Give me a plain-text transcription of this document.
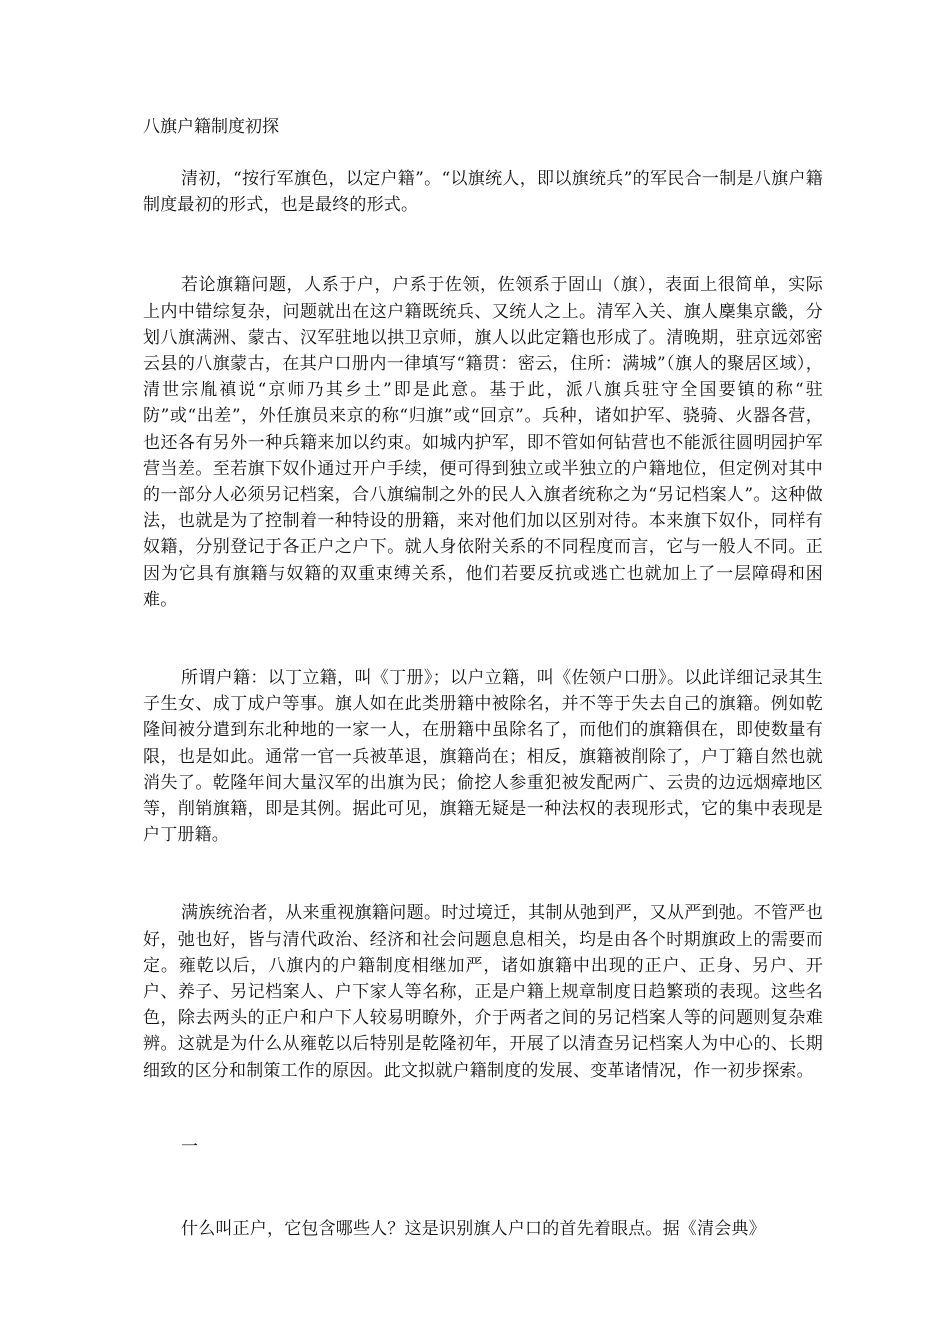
八旗户籍制度初探

清初，“按行军旗色，以定户籍”。“以旗统人，即以旗统兵”的军民合一制是八旗户籍制度最初的形式，也是最终的形式。

若论旗籍问题，人系于户，户系于佐领，佐领系于固山（旗），表面上很简单，实际上内中错综复杂，问题就出在这户籍既统兵、又统人之上。清军入关、旗人麇集京畿，分划八旗满洲、蒙古、汉军驻地以拱卫京师，旗人以此定籍也形成了。清晚期，驻京远郊密云县的八旗蒙古，在其户口册内一律填写“籍贯：密云，住所：满城”（旗人的聚居区域），清世宗胤禛说“京师乃其乡土”即是此意。基于此，派八旗兵驻守全国要镇的称“驻防”或“出差”，外任旗员来京的称“归旗”或“回京”。兵种，诸如护军、骁骑、火器各营，也还各有另外一种兵籍来加以约束。如城内护军，即不管如何钻营也不能派往圆明园护军营当差。至若旗下奴仆通过开户手续，便可得到独立或半独立的户籍地位，但定例对其中的一部分人必须另记档案，合八旗编制之外的民人入旗者统称之为“另记档案人”。这种做法，也就是为了控制着一种特设的册籍，来对他们加以区别对待。本来旗下奴仆，同样有奴籍，分别登记于各正户之户下。就人身依附关系的不同程度而言，它与一般人不同。正因为它具有旗籍与奴籍的双重束缚关系，他们若要反抗或逃亡也就加上了一层障碍和困难。

所谓户籍：以丁立籍，叫《丁册》；以户立籍，叫《佐领户口册》。以此详细记录其生子生女、成丁成户等事。旗人如在此类册籍中被除名，并不等于失去自己的旗籍。例如乾隆间被分遣到东北种地的一家一人，在册籍中虽除名了，而他们的旗籍俱在，即使数量有限，也是如此。通常一官一兵被革退，旗籍尚在；相反，旗籍被削除了，户丁籍自然也就消失了。乾隆年间大量汉军的出旗为民；偷挖人参重犯被发配两广、云贵的边远烟瘴地区等，削销旗籍，即是其例。据此可见，旗籍无疑是一种法权的表现形式，它的集中表现是户丁册籍。

满族统治者，从来重视旗籍问题。时过境迁，其制从弛到严，又从严到弛。不管严也好，弛也好，皆与清代政治、经济和社会问题息息相关，均是由各个时期旗政上的需要而定。雍乾以后，八旗内的户籍制度相继加严，诸如旗籍中出现的正户、正身、另户、开户、养子、另记档案人、户下家人等名称，正是户籍上规章制度日趋繁琐的表现。这些名色，除去两头的正户和户下人较易明瞭外，介于两者之间的另记档案人等的问题则复杂难辨。这就是为什么从雍乾以后特别是乾隆初年，开展了以清查另记档案人为中心的、长期细致的区分和制策工作的原因。此文拟就户籍制度的发展、变革诸情况，作一初步探索。

一

什么叫正户，它包含哪些人？这是识别旗人户口的首先着眼点。据《清会典》
